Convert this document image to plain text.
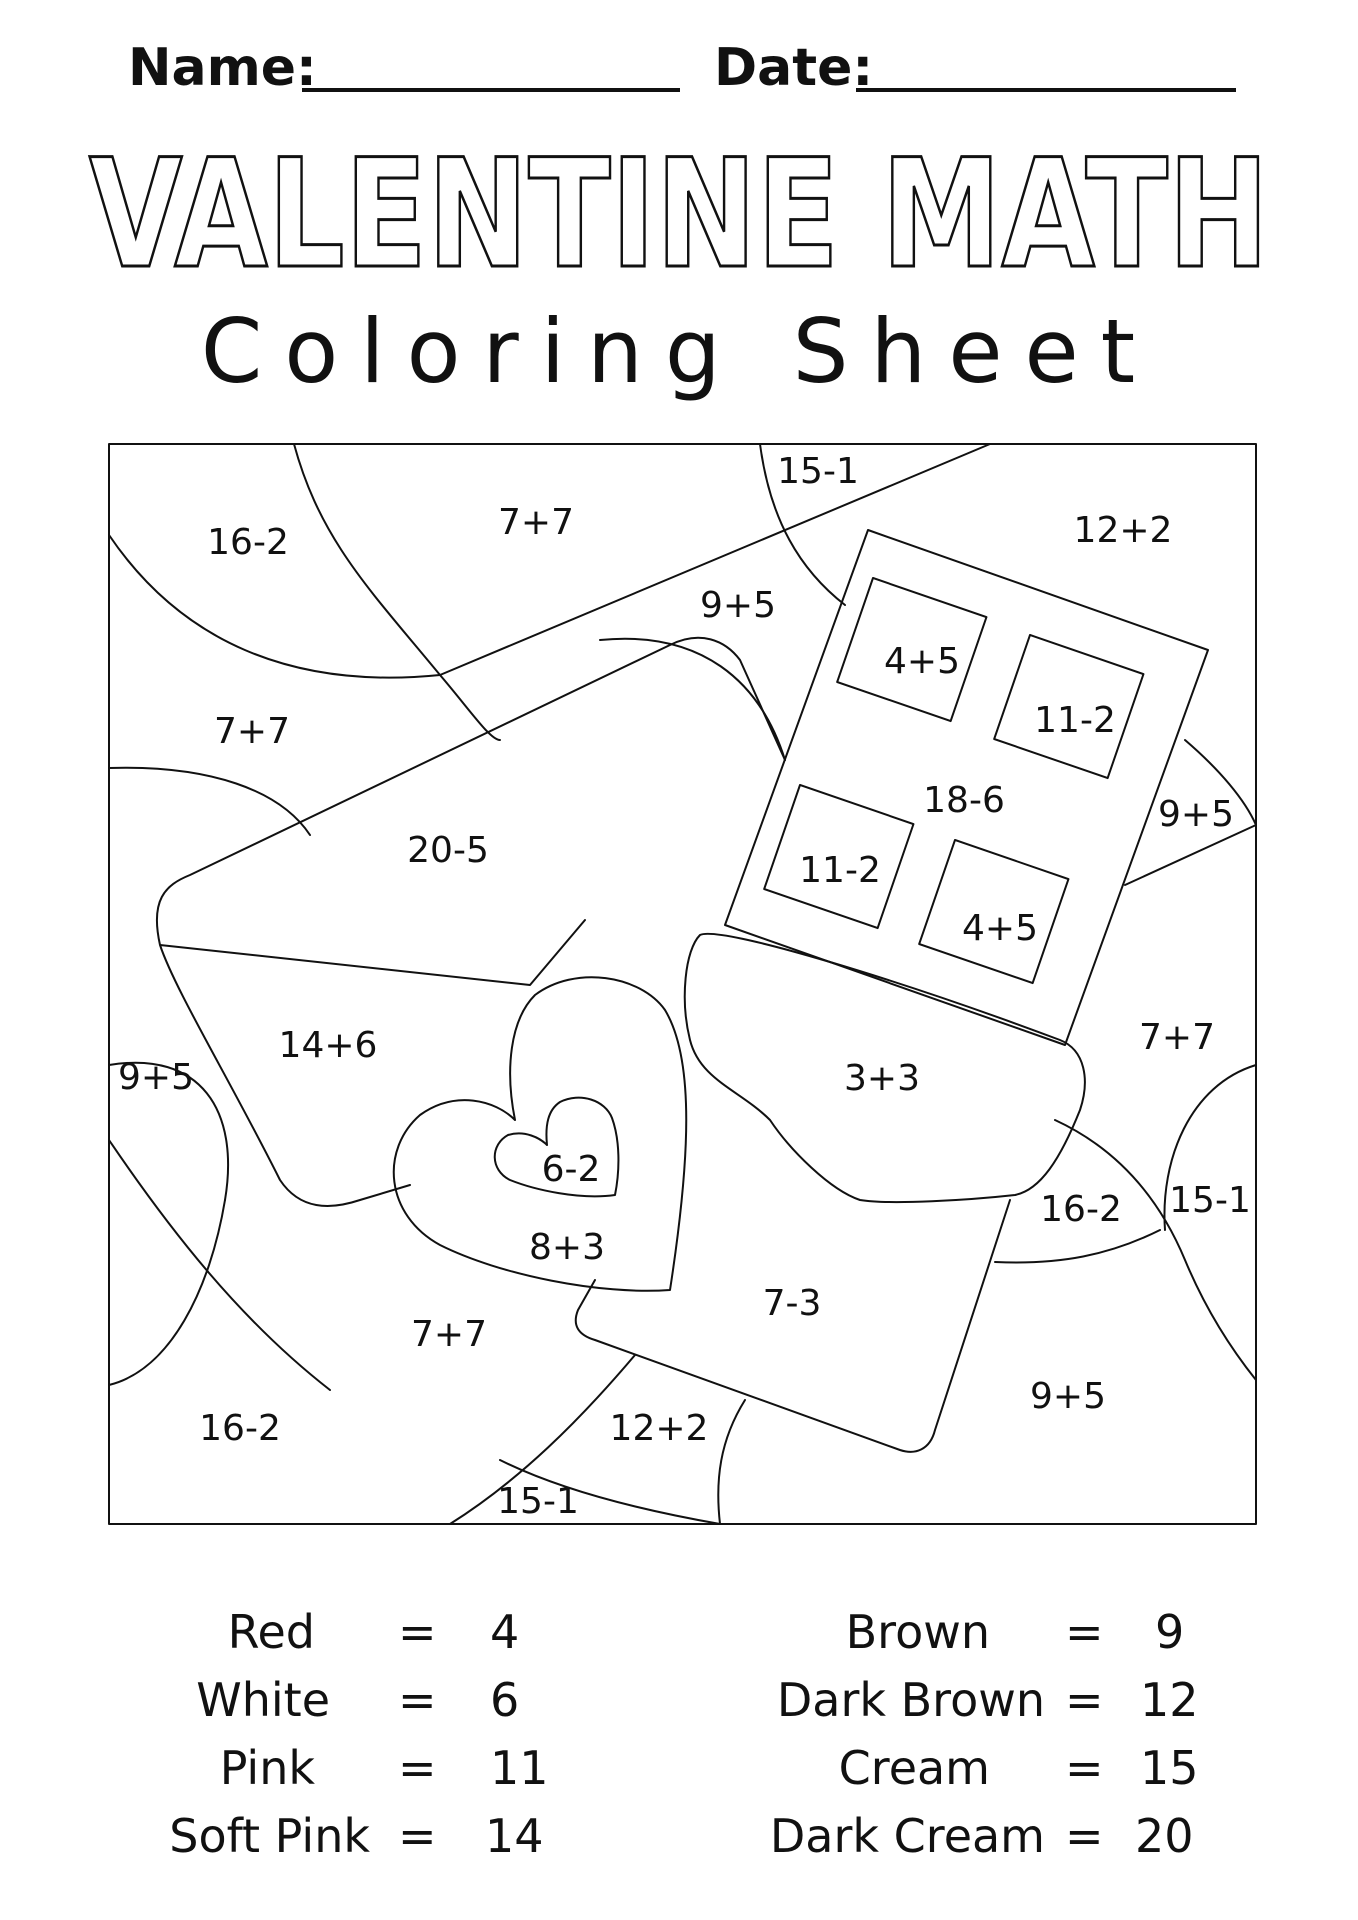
Name:	Date:
VALENTINE MATH
Coloring Sheet
16-2	7+7
15-1
12+2
9+5
7+7
20-5
4+5
11-2
18-6	9+5
11-2
4+5
14+6
9+5	3+3
7+7
6-2
8+3
16-2 15-1
7-3
7+7
16-2	12+2
9+5
15-1
Red = 4
White = 6
Pink = 11
Soft Pink = 14
Brown = 9
Dark Brown = 12
Cream = 15
Dark Cream = 20
